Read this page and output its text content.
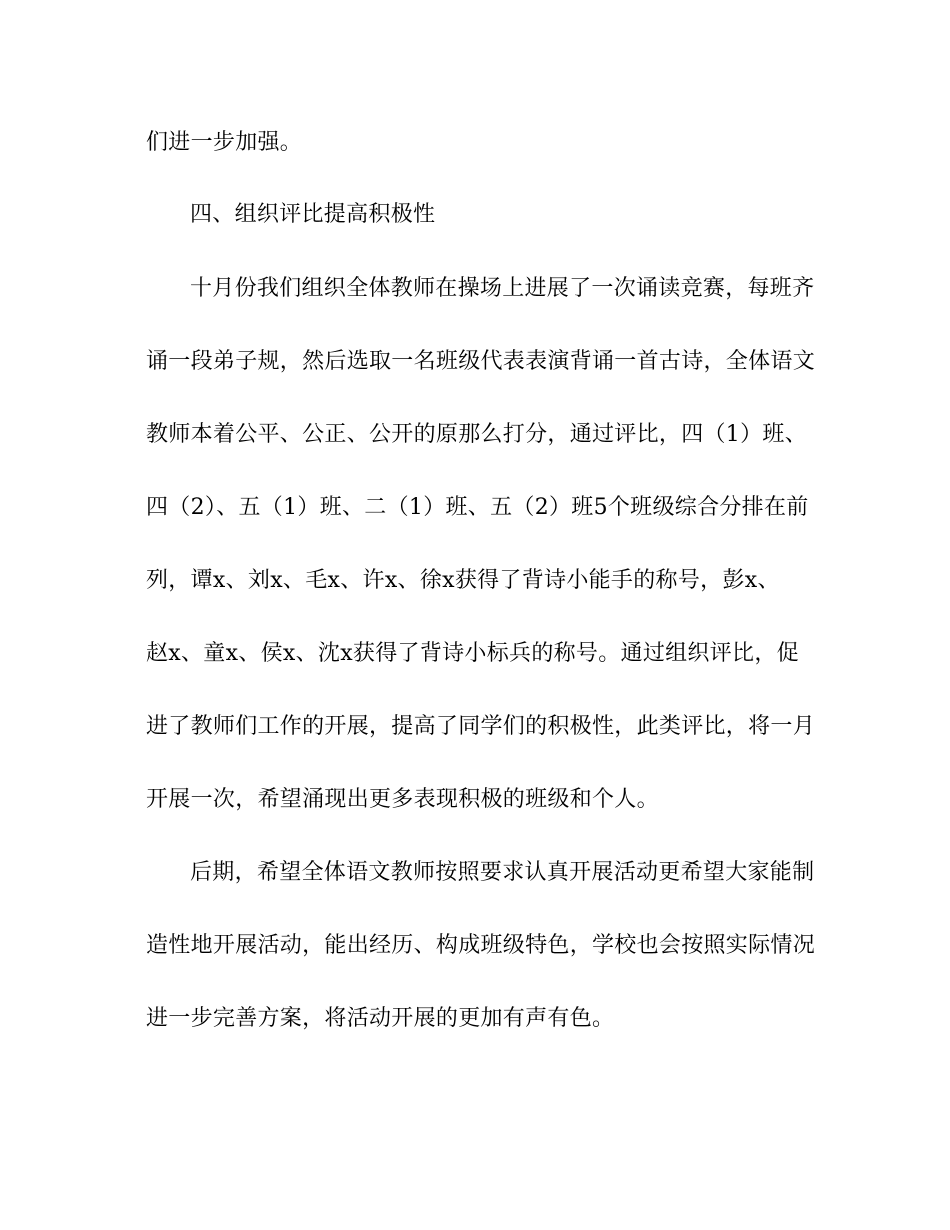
们进一步加强。
四、组织评比提高积极性
十月份我们组织全体教师在操场上进展了一次诵读竞赛，每班齐
诵一段弟子规，然后选取一名班级代表表演背诵一首古诗，全体语文
教师本着公平、公正、公开的原那么打分，通过评比，四（1）班、
四（2）、五（1）班、二（1）班、五（2）班5个班级综合分排在前
列，谭x、刘x、毛x、许x、徐x获得了背诗小能手的称号，彭x、
赵x、童x、侯x、沈x获得了背诗小标兵的称号。通过组织评比，促
进了教师们工作的开展，提高了同学们的积极性，此类评比，将一月
开展一次，希望涌现出更多表现积极的班级和个人。
后期，希望全体语文教师按照要求认真开展活动更希望大家能制
造性地开展活动，能出经历、构成班级特色，学校也会按照实际情况
进一步完善方案，将活动开展的更加有声有色。
